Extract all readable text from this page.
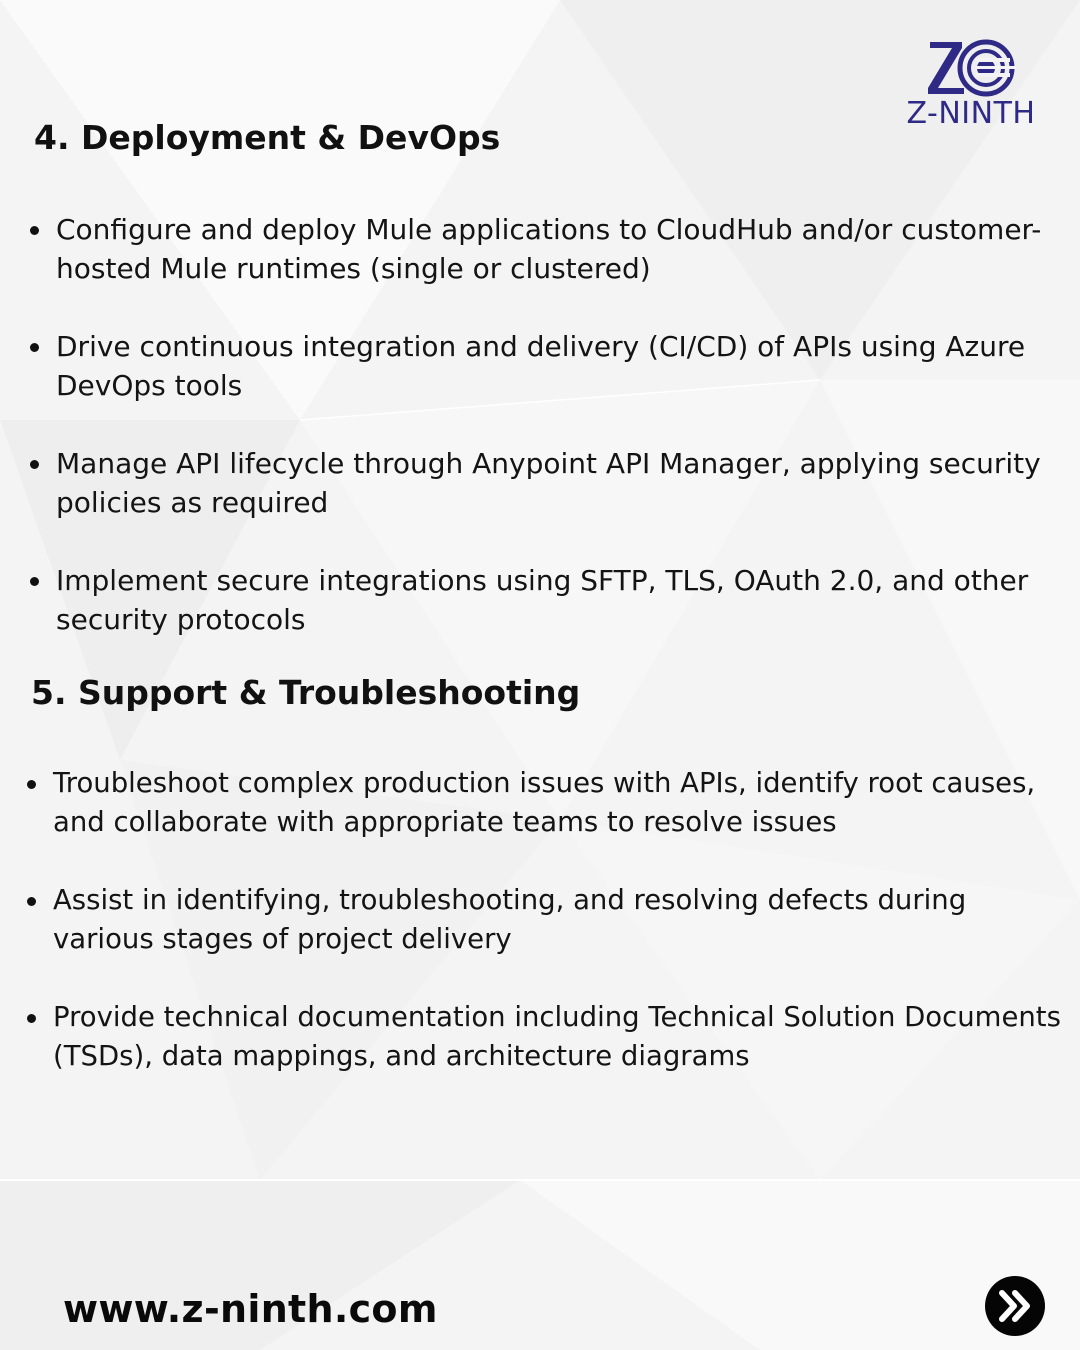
Z-NINTH
4. Deployment & DevOps
Configure and deploy Mule applications to CloudHub and/or customer-hosted Mule runtimes (single or clustered)
Drive continuous integration and delivery (CI/CD) of APIs using Azure DevOps tools
Manage API lifecycle through Anypoint API Manager, applying security policies as required
Implement secure integrations using SFTP, TLS, OAuth 2.0, and other security protocols
5. Support & Troubleshooting
Troubleshoot complex production issues with APIs, identify root causes, and collaborate with appropriate teams to resolve issues
Assist in identifying, troubleshooting, and resolving defects during various stages of project delivery
Provide technical documentation including Technical Solution Documents (TSDs), data mappings, and architecture diagrams

www.z-ninth.com
